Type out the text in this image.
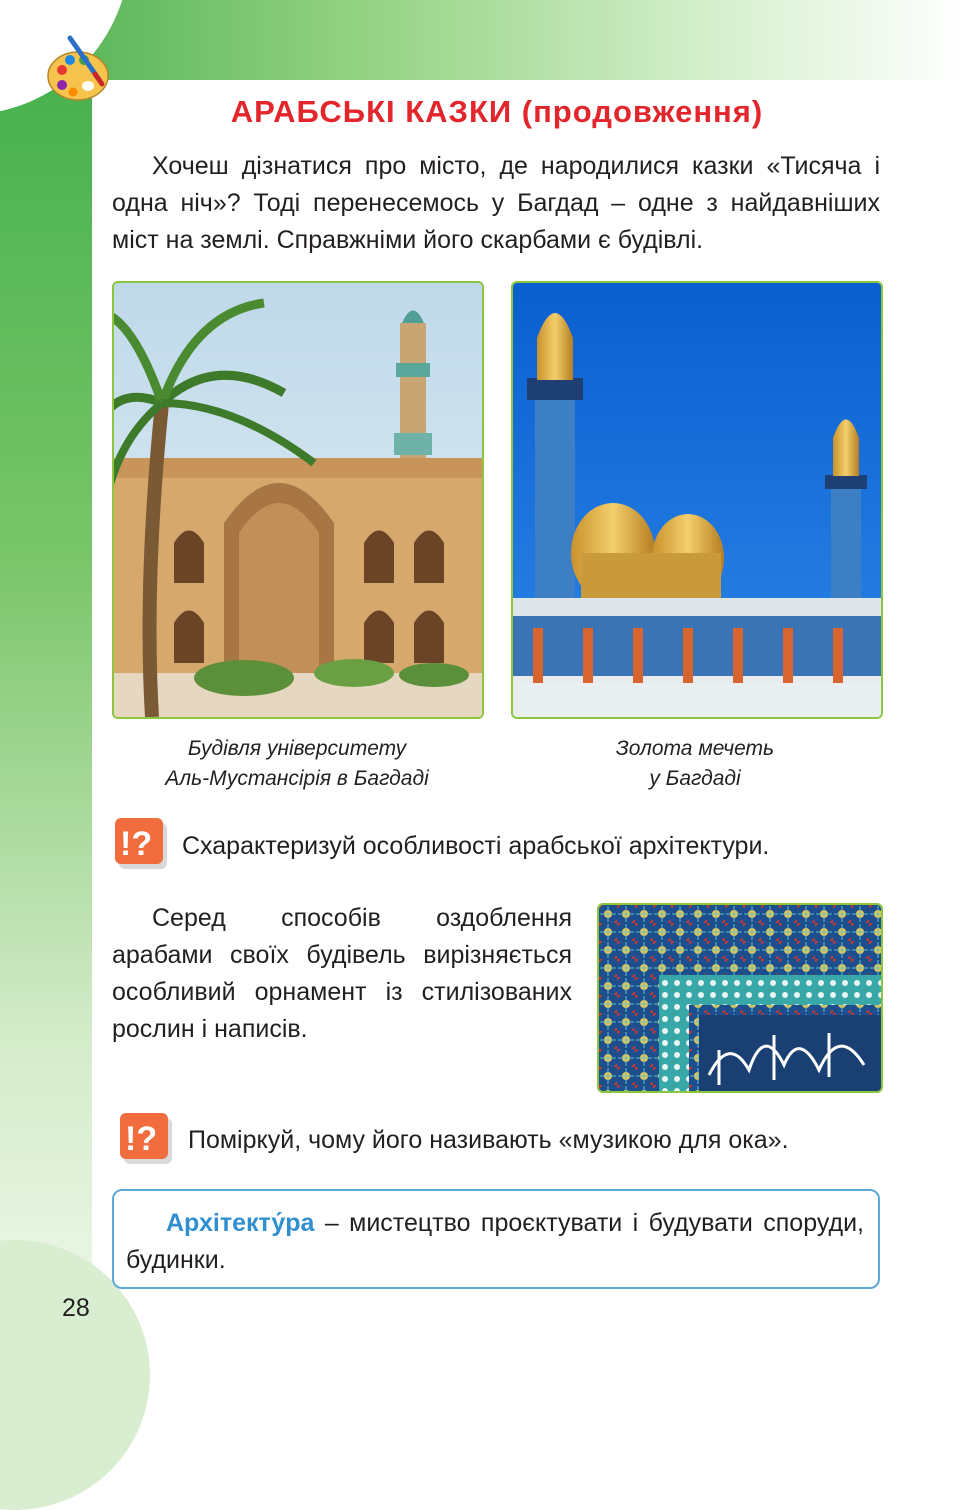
АРАБСЬКІ КАЗКИ (продовження)

Хочеш дізнатися про місто, де народилися казки «Тисяча і одна ніч»? Тоді перенесемось у Багдад – одне з найдавніших міст на землі. Справжніми його скарбами є будівлі.

Будівля університету
Аль-Мустансірія в Багдаді
Золота мечеть
у Багдаді
!? Схарактеризуй особливості арабської архітектури.

Серед способів оздоблення арабами своїх будівель вирізняється особливий орнамент із стилізованих рослин і написів.

!? Поміркуй, чому його називають «музикою для ока».

Архітекту́ра – мистецтво проєктувати і будувати споруди, будинки.

28
